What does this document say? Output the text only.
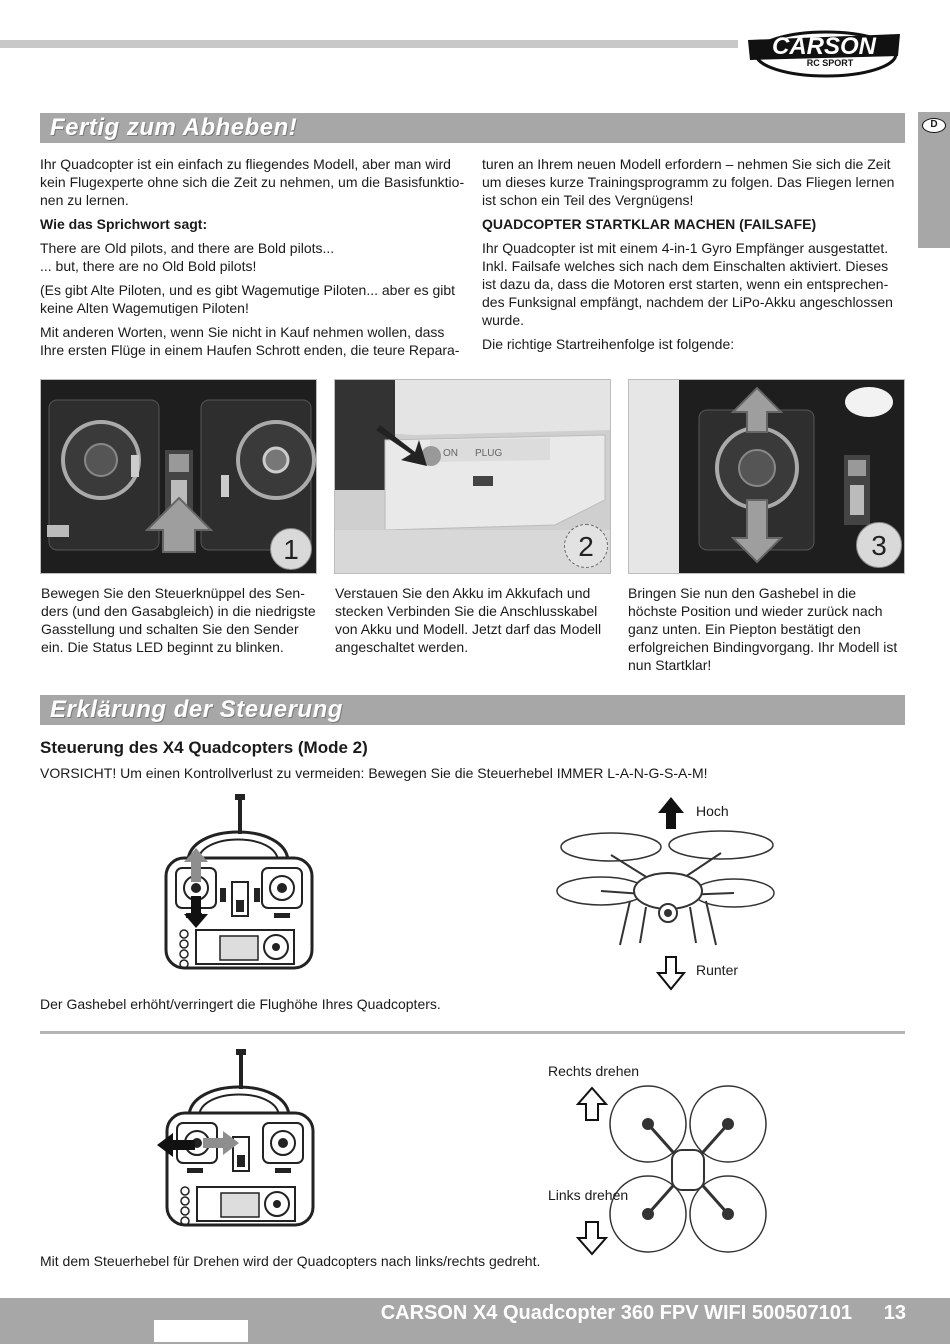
CARSON
RC SPORT
D
Fertig zum Abheben!

Ihr Quadcopter ist ein einfach zu fliegendes Modell, aber man wird
kein Flugexperte ohne sich die Zeit zu nehmen, um die Basisfunktio-
nen zu lernen.

Wie das Sprichwort sagt:

There are Old pilots, and there are Bold pilots...
... but, there are no Old Bold pilots!

(Es gibt Alte Piloten, und es gibt Wagemutige Piloten... aber es gibt
keine Alten Wagemutigen Piloten!

Mit anderen Worten, wenn Sie nicht in Kauf nehmen wollen, dass
Ihre ersten Flüge in einem Haufen Schrott enden, die teure Repara-

turen an Ihrem neuen Modell erfordern – nehmen Sie sich die Zeit
um dieses kurze Trainingsprogramm zu folgen. Das Fliegen lernen
ist schon ein Teil des Vergnügens!

QUADCOPTER STARTKLAR MACHEN (FAILSAFE)

Ihr Quadcopter ist mit einem 4-in-1 Gyro Empfänger ausgestattet.
Inkl. Failsafe welches sich nach dem Einschalten aktiviert. Dieses
ist dazu da, dass die Motoren erst starten, wenn ein entsprechen-
des Funksignal empfängt, nachdem der LiPo-Akku angeschlossen
wurde.

Die richtige Startreihenfolge ist folgende:

ON PLUG
1	2	3
Bewegen Sie den Steuerknüppel des Sen-
ders (und den Gasabgleich) in die niedrigste
Gasstellung und schalten Sie den Sender
ein. Die Status LED beginnt zu blinken.
Verstauen Sie den Akku im Akkufach und
stecken Verbinden Sie die Anschlusskabel
von Akku und Modell. Jetzt darf das Modell
angeschaltet werden.
Bringen Sie nun den Gashebel in die
höchste Position und wieder zurück nach
ganz unten. Ein Piepton bestätigt den
erfolgreichen Bindingvorgang. Ihr Modell ist
nun Startklar!
Erklärung der Steuerung
Steuerung des X4 Quadcopters (Mode 2)
VORSICHT! Um einen Kontrollverlust zu vermeiden: Bewegen Sie die Steuerhebel IMMER L-A-N-G-S-A-M!
Hoch
Runter
Der Gashebel erhöht/verringert die Flughöhe Ihres Quadcopters.
Rechts drehen
Links drehen
Mit dem Steuerhebel für Drehen wird der Quadcopters nach links/rechts gedreht.
CARSON X4 Quadcopter 360 FPV WIFI 500507101 13
